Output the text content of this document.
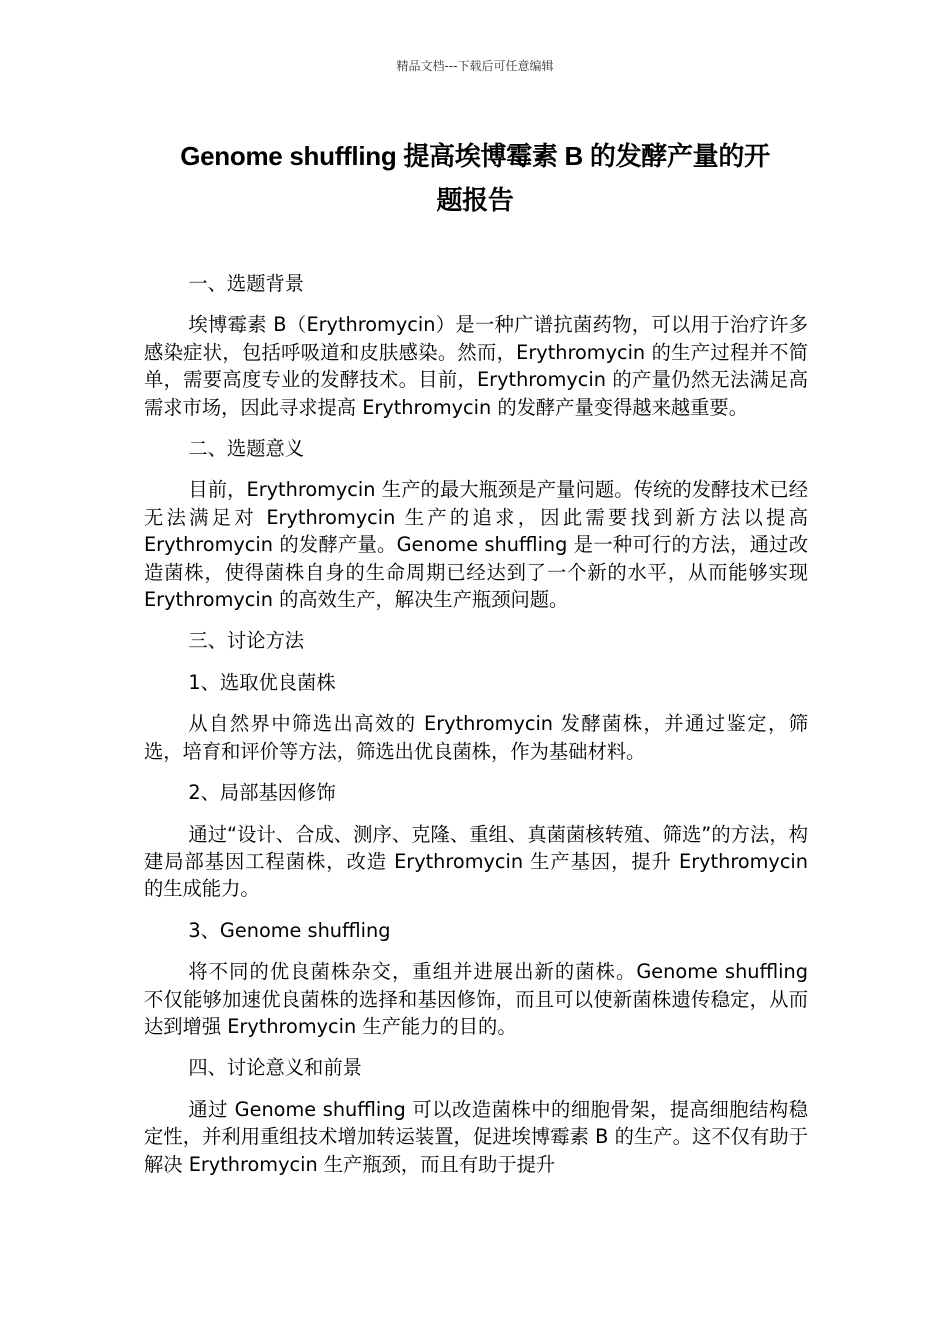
精品文档---下载后可任意编辑
Genome shuffling 提高埃博霉素 B 的发酵产量的开
题报告

一、选题背景

埃博霉素 B（Erythromycin）是一种广谱抗菌药物，可以用于治疗许多感染症状，包括呼吸道和皮肤感染。然而，Erythromycin 的生产过程并不简单，需要高度专业的发酵技术。目前，Erythromycin 的产量仍然无法满足高需求市场，因此寻求提高 Erythromycin 的发酵产量变得越来越重要。

二、选题意义

目前，Erythromycin 生产的最大瓶颈是产量问题。传统的发酵技术已经无法满足对 Erythromycin 生产的追求，因此需要找到新方法以提高 Erythromycin 的发酵产量。Genome shuffling 是一种可行的方法，通过改造菌株，使得菌株自身的生命周期已经达到了一个新的水平，从而能够实现 Erythromycin 的高效生产，解决生产瓶颈问题。

三、讨论方法

1、选取优良菌株

从自然界中筛选出高效的 Erythromycin 发酵菌株，并通过鉴定，筛选，培育和评价等方法，筛选出优良菌株，作为基础材料。

2、局部基因修饰

通过“设计、合成、测序、克隆、重组、真菌菌核转殖、筛选”的方法，构建局部基因工程菌株，改造 Erythromycin 生产基因，提升 Erythromycin 的生成能力。

3、Genome shuffling

将不同的优良菌株杂交，重组并进展出新的菌株。Genome shuffling 不仅能够加速优良菌株的选择和基因修饰，而且可以使新菌株遗传稳定，从而达到增强 Erythromycin 生产能力的目的。

四、讨论意义和前景

通过 Genome shuffling 可以改造菌株中的细胞骨架，提高细胞结构稳定性，并利用重组技术增加转运装置，促进埃博霉素 B 的生产。这不仅有助于解决 Erythromycin 生产瓶颈，而且有助于提升
